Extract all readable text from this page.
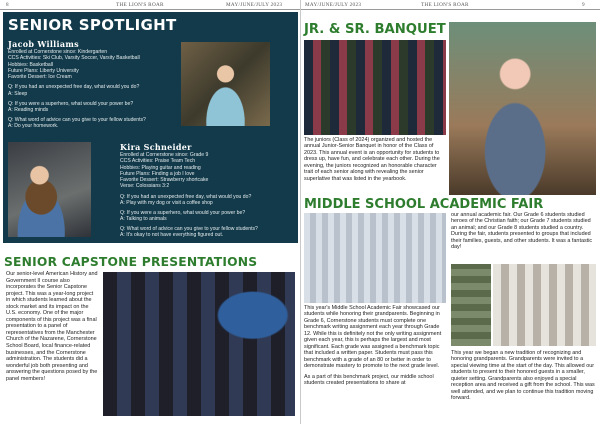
8	THE LION'S ROAR	MAY/JUNE/JULY 2023
SENIOR SPOTLIGHT
Jacob Williams
Enrolled at Cornerstone since: Kindergarten
CCS Activities: Ski Club, Varsity Soccer, Varsity Basketball
Hobbies: Basketball
Future Plans: Liberty University
Favorite Dessert: Ice Cream
Q: If you had an unexpected free day, what would you do?
A: Sleep
Q: If you were a superhero, what would your power be?
A: Reading minds
Q: What word of advice can you give to your fellow students?
A: Do your homework.
Kira Schneider
Enrolled at Cornerstone since: Grade 9
CCS Activities: Praise Team Tech
Hobbies: Playing guitar and reading
Future Plans: Finding a job I love
Favorite Dessert: Strawberry shortcake
Verse: Colossians 3:2
Q: If you had an unexpected free day, what would you do?
A: Play with my dog or visit a coffee shop
Q: If you were a superhero, what would your power be?
A: Talking to animals
Q: What word of advice can you give to your fellow students?
A: It's okay to not have everything figured out.
SENIOR CAPSTONE PRESENTATIONS
Our senior-level American History and Government II course also incorporates the Senior Capstone project. This was a year-long project in which students learned about the stock market and its impact on the U.S. economy. One of the major components of this project was a final presentation to a panel of representatives from the Manchester Church of the Nazarene, Cornerstone School Board, local finance-related businesses, and the Cornerstone administration. The students did a wonderful job both presenting and answering the questions posed by the panel members!
MAY/JUNE/JULY 2023	THE LION'S ROAR	9
JR. & SR. BANQUET
The juniors (Class of 2024) organized and hosted the annual Junior-Senior Banquet in honor of the Class of 2023. This annual event is an opportunity for students to dress up, have fun, and celebrate each other. During the evening, the juniors recognized an honorable character trait of each senior along with revealing the senior superlative that was listed in the yearbook.
MIDDLE SCHOOL ACADEMIC FAIR

This year's Middle School Academic Fair showcased our students while honoring their grandparents. Beginning in Grade 6, Cornerstone students must complete one benchmark writing assignment each year through Grade 12. While this is definitely not the only writing assignment given each year, this is perhaps the largest and most significant. Each grade was assigned a benchmark topic that included a written paper. Students must pass this benchmark with a grade of an 80 or better in order to demonstrate mastery to promote to the next grade level.

As a part of this benchmark project, our middle school students created presentations to share at

our annual academic fair. Our Grade 6 students studied heroes of the Christian faith; our Grade 7 students studied an animal; and our Grade 8 students studied a country. During the fair, students presented to groups that included their families, guests, and other students. It was a fantastic day!
This year we began a new tradition of recognizing and honoring grandparents. Grandparents were invited to a special viewing time at the start of the day. This allowed our students to present to their honored guests in a smaller, quieter setting. Grandparents also enjoyed a special reception area and received a gift from the school. This was well attended, and we plan to continue this tradition moving forward.
